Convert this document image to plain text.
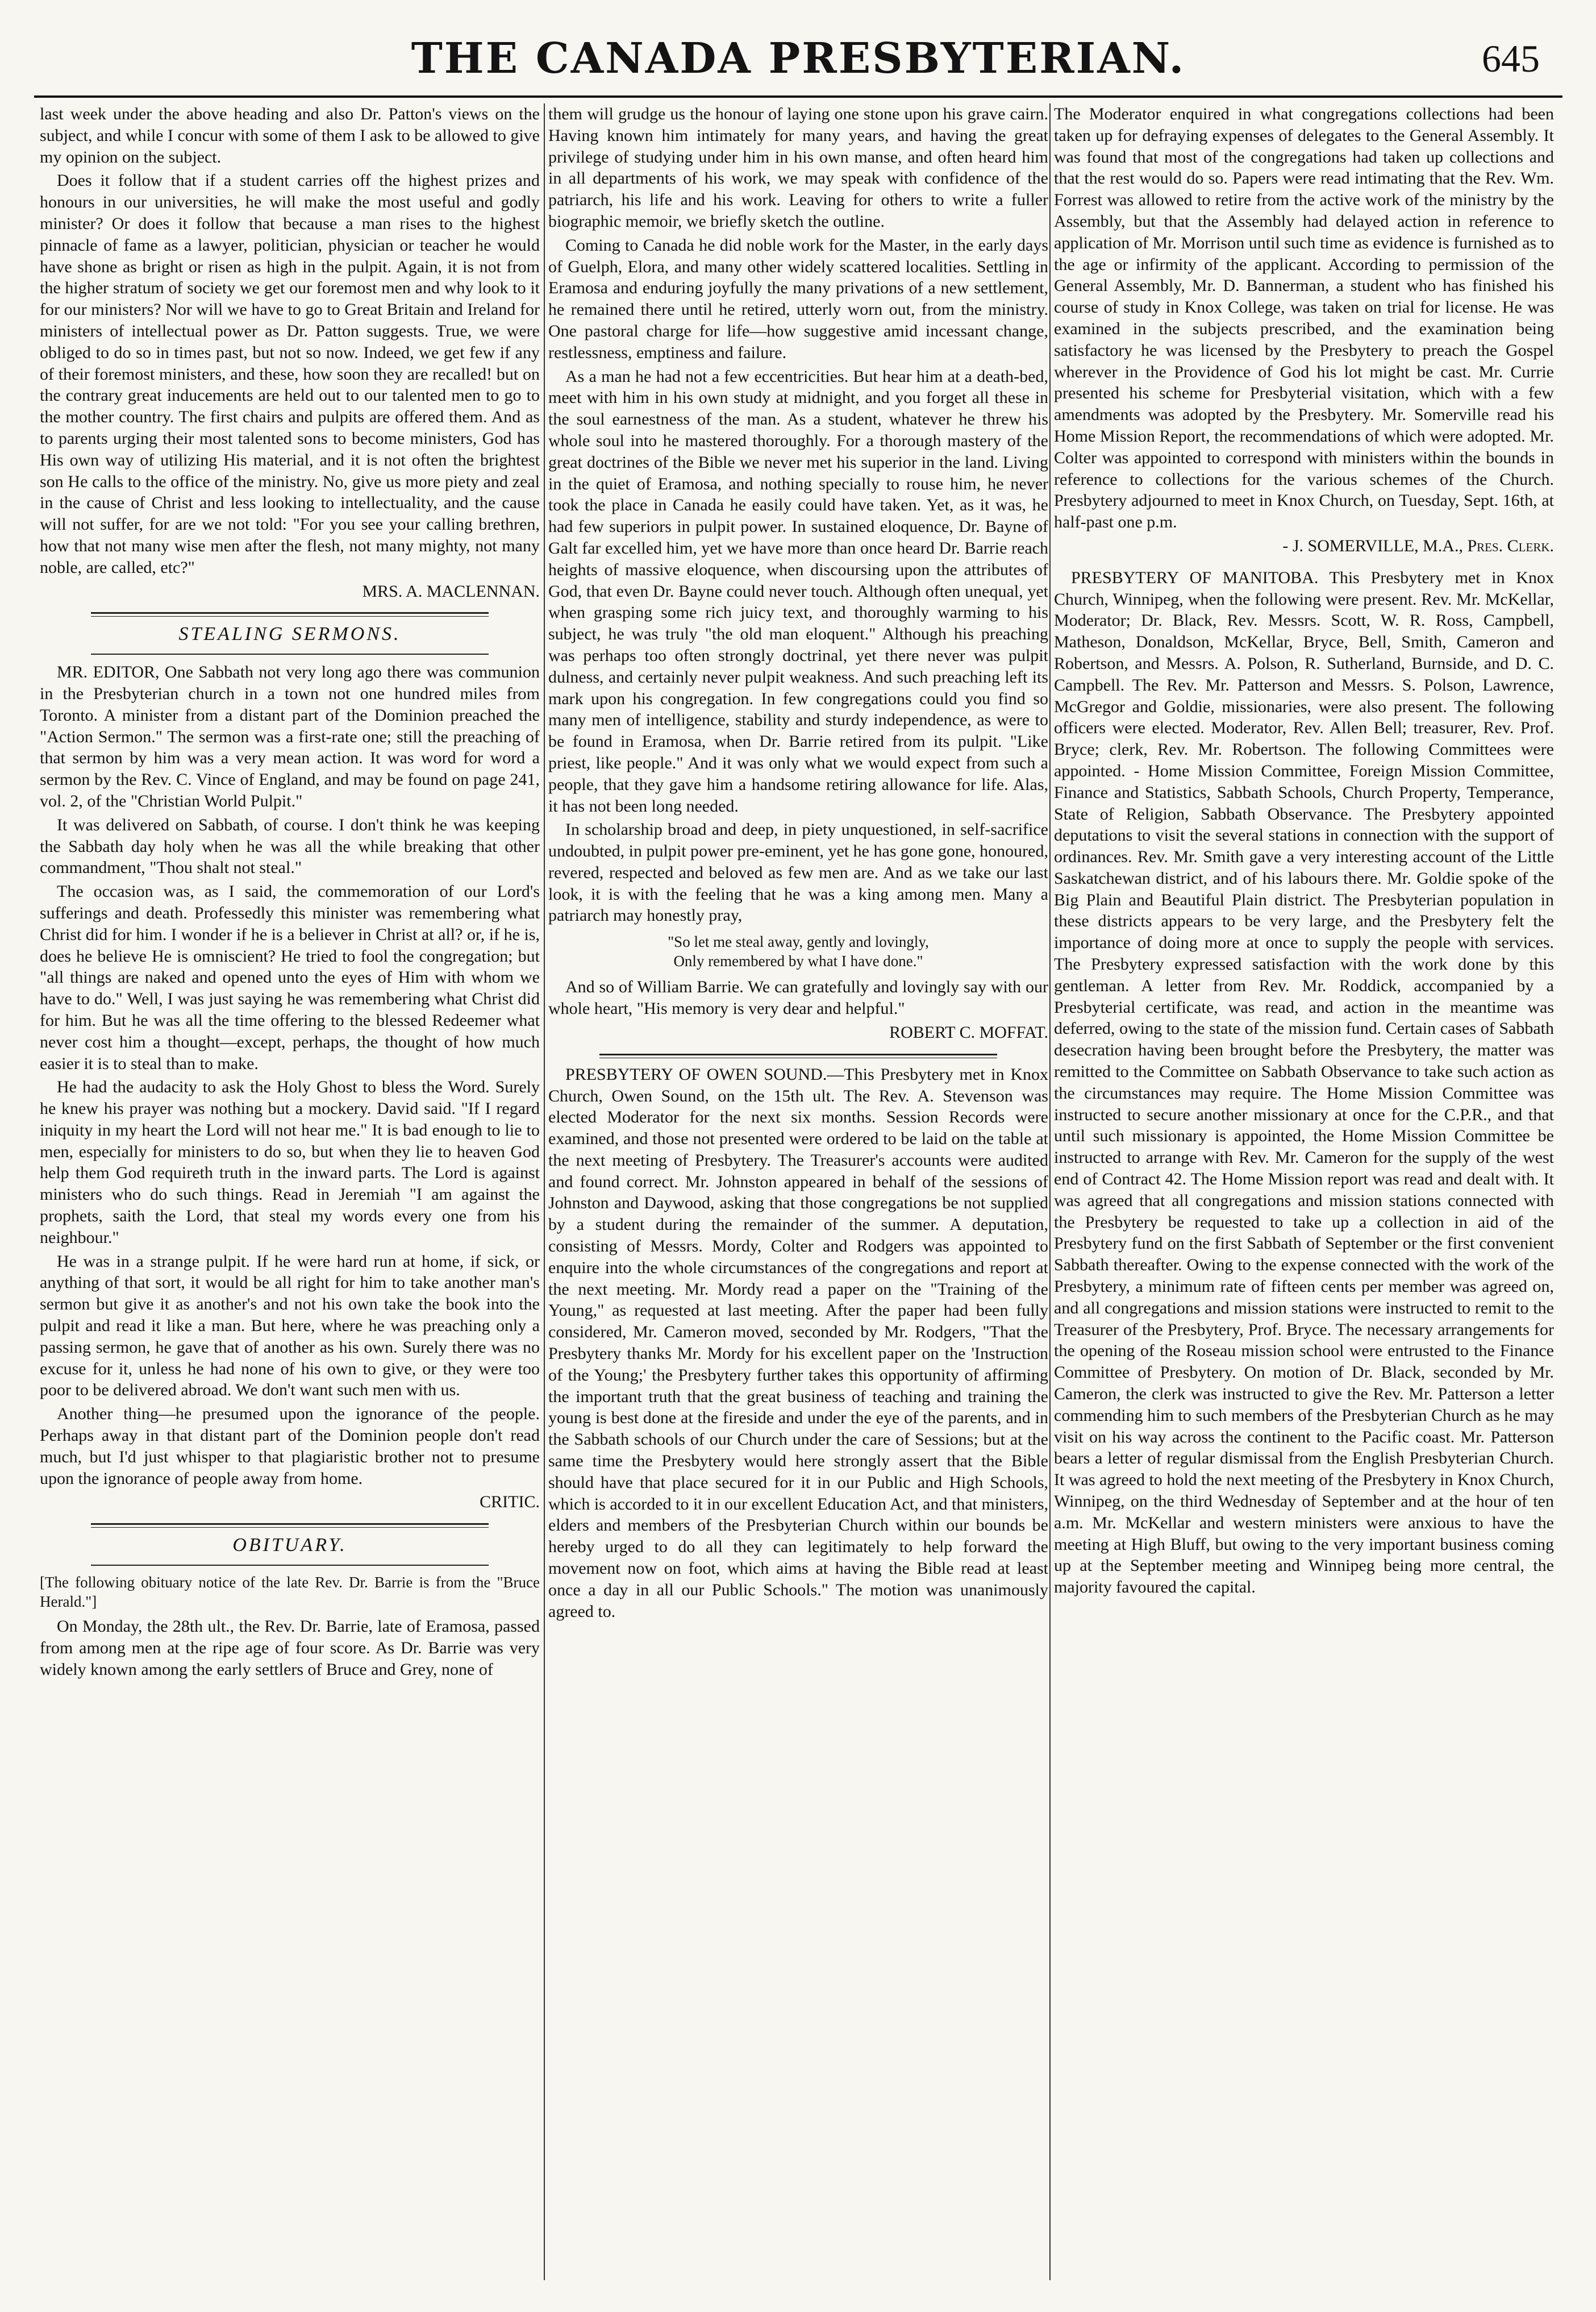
THE CANADA PRESBYTERIAN.	645

last week under the above heading and also Dr. Patton's views on the subject, and while I concur with some of them I ask to be allowed to give my opinion on the subject.

Does it follow that if a student carries off the highest prizes and honours in our universities, he will make the most useful and godly minister? Or does it follow that because a man rises to the highest pinnacle of fame as a lawyer, politician, physician or teacher he would have shone as bright or risen as high in the pulpit. Again, it is not from the higher stratum of society we get our foremost men and why look to it for our ministers? Nor will we have to go to Great Britain and Ireland for ministers of intellectual power as Dr. Patton suggests. True, we were obliged to do so in times past, but not so now. Indeed, we get few if any of their foremost ministers, and these, how soon they are recalled! but on the contrary great inducements are held out to our talented men to go to the mother country. The first chairs and pulpits are offered them. And as to parents urging their most talented sons to become ministers, God has His own way of utilizing His material, and it is not often the brightest son He calls to the office of the ministry. No, give us more piety and zeal in the cause of Christ and less looking to intellectuality, and the cause will not suffer, for are we not told: "For you see your calling brethren, how that not many wise men after the flesh, not many mighty, not many noble, are called, etc?"

MRS. A. MACLENNAN.

STEALING SERMONS.

MR. EDITOR, One Sabbath not very long ago there was communion in the Presbyterian church in a town not one hundred miles from Toronto. A minister from a distant part of the Dominion preached the "Action Sermon." The sermon was a first-rate one; still the preaching of that sermon by him was a very mean action. It was word for word a sermon by the Rev. C. Vince of England, and may be found on page 241, vol. 2, of the "Christian World Pulpit."

It was delivered on Sabbath, of course. I don't think he was keeping the Sabbath day holy when he was all the while breaking that other commandment, "Thou shalt not steal."

The occasion was, as I said, the commemoration of our Lord's sufferings and death. Professedly this minister was remembering what Christ did for him. I wonder if he is a believer in Christ at all? or, if he is, does he believe He is omniscient? He tried to fool the congregation; but "all things are naked and opened unto the eyes of Him with whom we have to do." Well, I was just saying he was remembering what Christ did for him. But he was all the time offering to the blessed Redeemer what never cost him a thought—except, perhaps, the thought of how much easier it is to steal than to make.

He had the audacity to ask the Holy Ghost to bless the Word. Surely he knew his prayer was nothing but a mockery. David said. "If I regard iniquity in my heart the Lord will not hear me." It is bad enough to lie to men, especially for ministers to do so, but when they lie to heaven God help them God requireth truth in the inward parts. The Lord is against ministers who do such things. Read in Jeremiah "I am against the prophets, saith the Lord, that steal my words every one from his neighbour."

He was in a strange pulpit. If he were hard run at home, if sick, or anything of that sort, it would be all right for him to take another man's sermon but give it as another's and not his own take the book into the pulpit and read it like a man. But here, where he was preaching only a passing sermon, he gave that of another as his own. Surely there was no excuse for it, unless he had none of his own to give, or they were too poor to be delivered abroad. We don't want such men with us.

Another thing—he presumed upon the ignorance of the people. Perhaps away in that distant part of the Dominion people don't read much, but I'd just whisper to that plagiaristic brother not to presume upon the ignorance of people away from home.

CRITIC.

OBITUARY.

[The following obituary notice of the late Rev. Dr. Barrie is from the "Bruce Herald."]

On Monday, the 28th ult., the Rev. Dr. Barrie, late of Eramosa, passed from among men at the ripe age of four score. As Dr. Barrie was very widely known among the early settlers of Bruce and Grey, none of

them will grudge us the honour of laying one stone upon his grave cairn. Having known him intimately for many years, and having the great privilege of studying under him in his own manse, and often heard him in all departments of his work, we may speak with confidence of the patriarch, his life and his work. Leaving for others to write a fuller biographic memoir, we briefly sketch the outline.

Coming to Canada he did noble work for the Master, in the early days of Guelph, Elora, and many other widely scattered localities. Settling in Eramosa and enduring joyfully the many privations of a new settlement, he remained there until he retired, utterly worn out, from the ministry. One pastoral charge for life—how suggestive amid incessant change, restlessness, emptiness and failure.

As a man he had not a few eccentricities. But hear him at a death-bed, meet with him in his own study at midnight, and you forget all these in the soul earnestness of the man. As a student, whatever he threw his whole soul into he mastered thoroughly. For a thorough mastery of the great doctrines of the Bible we never met his superior in the land. Living in the quiet of Eramosa, and nothing specially to rouse him, he never took the place in Canada he easily could have taken. Yet, as it was, he had few superiors in pulpit power. In sustained eloquence, Dr. Bayne of Galt far excelled him, yet we have more than once heard Dr. Barrie reach heights of massive eloquence, when discoursing upon the attributes of God, that even Dr. Bayne could never touch. Although often unequal, yet when grasping some rich juicy text, and thoroughly warming to his subject, he was truly "the old man eloquent." Although his preaching was perhaps too often strongly doctrinal, yet there never was pulpit dulness, and certainly never pulpit weakness. And such preaching left its mark upon his congregation. In few congregations could you find so many men of intelligence, stability and sturdy independence, as were to be found in Eramosa, when Dr. Barrie retired from its pulpit. "Like priest, like people." And it was only what we would expect from such a people, that they gave him a handsome retiring allowance for life. Alas, it has not been long needed.

In scholarship broad and deep, in piety unquestioned, in self-sacrifice undoubted, in pulpit power pre-eminent, yet he has gone gone, honoured, revered, respected and beloved as few men are. And as we take our last look, it is with the feeling that he was a king among men. Many a patriarch may honestly pray,

"So let me steal away, gently and lovingly,
Only remembered by what I have done."

And so of William Barrie. We can gratefully and lovingly say with our whole heart, "His memory is very dear and helpful."

ROBERT C. MOFFAT.

PRESBYTERY OF OWEN SOUND.—This Presbytery met in Knox Church, Owen Sound, on the 15th ult. The Rev. A. Stevenson was elected Moderator for the next six months. Session Records were examined, and those not presented were ordered to be laid on the table at the next meeting of Presbytery. The Treasurer's accounts were audited and found correct. Mr. Johnston appeared in behalf of the sessions of Johnston and Daywood, asking that those congregations be not supplied by a student during the remainder of the summer. A deputation, consisting of Messrs. Mordy, Colter and Rodgers was appointed to enquire into the whole circumstances of the congregations and report at the next meeting. Mr. Mordy read a paper on the "Training of the Young," as requested at last meeting. After the paper had been fully considered, Mr. Cameron moved, seconded by Mr. Rodgers, "That the Presbytery thanks Mr. Mordy for his excellent paper on the 'Instruction of the Young;' the Presbytery further takes this opportunity of affirming the important truth that the great business of teaching and training the young is best done at the fireside and under the eye of the parents, and in the Sabbath schools of our Church under the care of Sessions; but at the same time the Presbytery would here strongly assert that the Bible should have that place secured for it in our Public and High Schools, which is accorded to it in our excellent Education Act, and that ministers, elders and members of the Presbyterian Church within our bounds be hereby urged to do all they can legitimately to help forward the movement now on foot, which aims at having the Bible read at least once a day in all our Public Schools." The motion was unanimously agreed to.

The Moderator enquired in what congregations collections had been taken up for defraying expenses of delegates to the General Assembly. It was found that most of the congregations had taken up collections and that the rest would do so. Papers were read intimating that the Rev. Wm. Forrest was allowed to retire from the active work of the ministry by the Assembly, but that the Assembly had delayed action in reference to application of Mr. Morrison until such time as evidence is furnished as to the age or infirmity of the applicant. According to permission of the General Assembly, Mr. D. Bannerman, a student who has finished his course of study in Knox College, was taken on trial for license. He was examined in the subjects prescribed, and the examination being satisfactory he was licensed by the Presbytery to preach the Gospel wherever in the Providence of God his lot might be cast. Mr. Currie presented his scheme for Presbyterial visitation, which with a few amendments was adopted by the Presbytery. Mr. Somerville read his Home Mission Report, the recommendations of which were adopted. Mr. Colter was appointed to correspond with ministers within the bounds in reference to collections for the various schemes of the Church. Presbytery adjourned to meet in Knox Church, on Tuesday, Sept. 16th, at half-past one p.m.

- J. SOMERVILLE, M.A., Pres. Clerk.

PRESBYTERY OF MANITOBA. This Presbytery met in Knox Church, Winnipeg, when the following were present. Rev. Mr. McKellar, Moderator; Dr. Black, Rev. Messrs. Scott, W. R. Ross, Campbell, Matheson, Donaldson, McKellar, Bryce, Bell, Smith, Cameron and Robertson, and Messrs. A. Polson, R. Sutherland, Burnside, and D. C. Campbell. The Rev. Mr. Patterson and Messrs. S. Polson, Lawrence, McGregor and Goldie, missionaries, were also present. The following officers were elected. Moderator, Rev. Allen Bell; treasurer, Rev. Prof. Bryce; clerk, Rev. Mr. Robertson. The following Committees were appointed. - Home Mission Committee, Foreign Mission Committee, Finance and Statistics, Sabbath Schools, Church Property, Temperance, State of Religion, Sabbath Observance. The Presbytery appointed deputations to visit the several stations in connection with the support of ordinances. Rev. Mr. Smith gave a very interesting account of the Little Saskatchewan district, and of his labours there. Mr. Goldie spoke of the Big Plain and Beautiful Plain district. The Presbyterian population in these districts appears to be very large, and the Presbytery felt the importance of doing more at once to supply the people with services. The Presbytery expressed satisfaction with the work done by this gentleman. A letter from Rev. Mr. Roddick, accompanied by a Presbyterial certificate, was read, and action in the meantime was deferred, owing to the state of the mission fund. Certain cases of Sabbath desecration having been brought before the Presbytery, the matter was remitted to the Committee on Sabbath Observance to take such action as the circumstances may require. The Home Mission Committee was instructed to secure another missionary at once for the C.P.R., and that until such missionary is appointed, the Home Mission Committee be instructed to arrange with Rev. Mr. Cameron for the supply of the west end of Contract 42. The Home Mission report was read and dealt with. It was agreed that all congregations and mission stations connected with the Presbytery be requested to take up a collection in aid of the Presbytery fund on the first Sabbath of September or the first convenient Sabbath thereafter. Owing to the expense connected with the work of the Presbytery, a minimum rate of fifteen cents per member was agreed on, and all congregations and mission stations were instructed to remit to the Treasurer of the Presbytery, Prof. Bryce. The necessary arrangements for the opening of the Roseau mission school were entrusted to the Finance Committee of Presbytery. On motion of Dr. Black, seconded by Mr. Cameron, the clerk was instructed to give the Rev. Mr. Patterson a letter commending him to such members of the Presbyterian Church as he may visit on his way across the continent to the Pacific coast. Mr. Patterson bears a letter of regular dismissal from the English Presbyterian Church. It was agreed to hold the next meeting of the Presbytery in Knox Church, Winnipeg, on the third Wednesday of September and at the hour of ten a.m. Mr. McKellar and western ministers were anxious to have the meeting at High Bluff, but owing to the very important business coming up at the September meeting and Winnipeg being more central, the majority favoured the capital.
